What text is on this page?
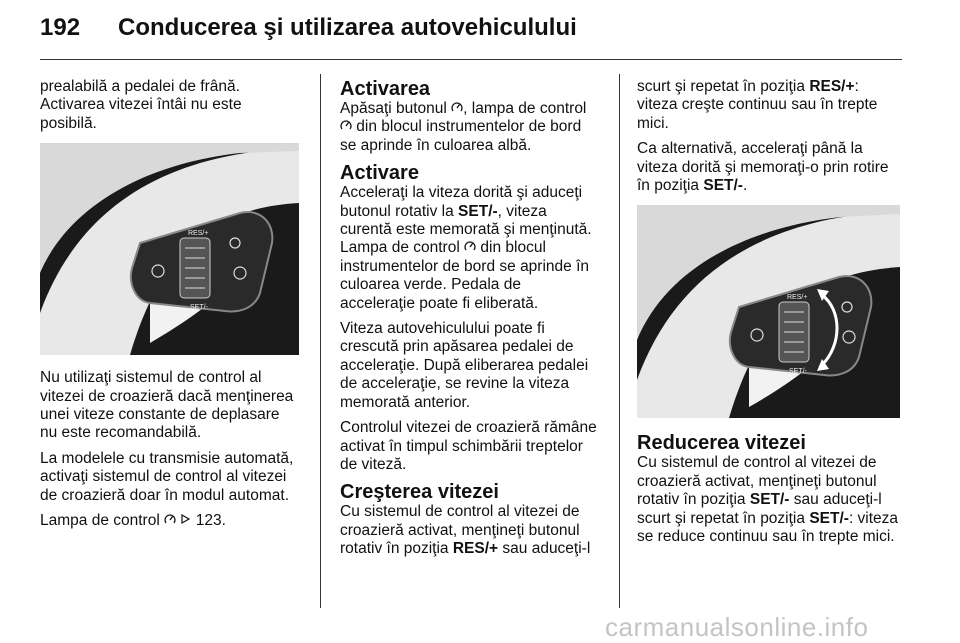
192 Conducerea şi utilizarea autovehiculului

prealabilă a pedalei de frână.
Activarea vitezei întâi nu este
posibilă.

RES/+
SET/-

Nu utilizaţi sistemul de control al
vitezei de croazieră dacă menţinerea
unei viteze constante de deplasare
nu este recomandabilă.

La modelele cu transmisie automată,
activaţi sistemul de control al vitezei
de croazieră doar în modul automat.

Lampa de control 123.

Activarea

Apăsaţi butonul , lampa de control
din blocul instrumentelor de bord
se aprinde în culoarea albă.

Activare

Acceleraţi la viteza dorită şi aduceţi
butonul rotativ la SET/-, viteza
curentă este memorată şi menţinută.
Lampa de control  din blocul
instrumentelor de bord se aprinde în
culoarea verde. Pedala de
acceleraţie poate fi eliberată.

Viteza autovehiculului poate fi
crescută prin apăsarea pedalei de
acceleraţie. După eliberarea pedalei
de acceleraţie, se revine la viteza
memorată anterior.

Controlul vitezei de croazieră rămâne
activat în timpul schimbării treptelor
de viteză.

Creşterea vitezei

Cu sistemul de control al vitezei de
croazieră activat, menţineţi butonul
rotativ în poziţia RES/+ sau aduceţi-l

scurt şi repetat în poziţia RES/+:
viteza creşte continuu sau în trepte
mici.

Ca alternativă, acceleraţi până la
viteza dorită şi memoraţi-o prin rotire
în poziţia SET/-.

RES/+
SET/-
Reducerea vitezei

Cu sistemul de control al vitezei de
croazieră activat, menţineţi butonul
rotativ în poziţia SET/- sau aduceţi-l
scurt şi repetat în poziţia SET/-: viteza
se reduce continuu sau în trepte mici.

carmanualsonline.info
